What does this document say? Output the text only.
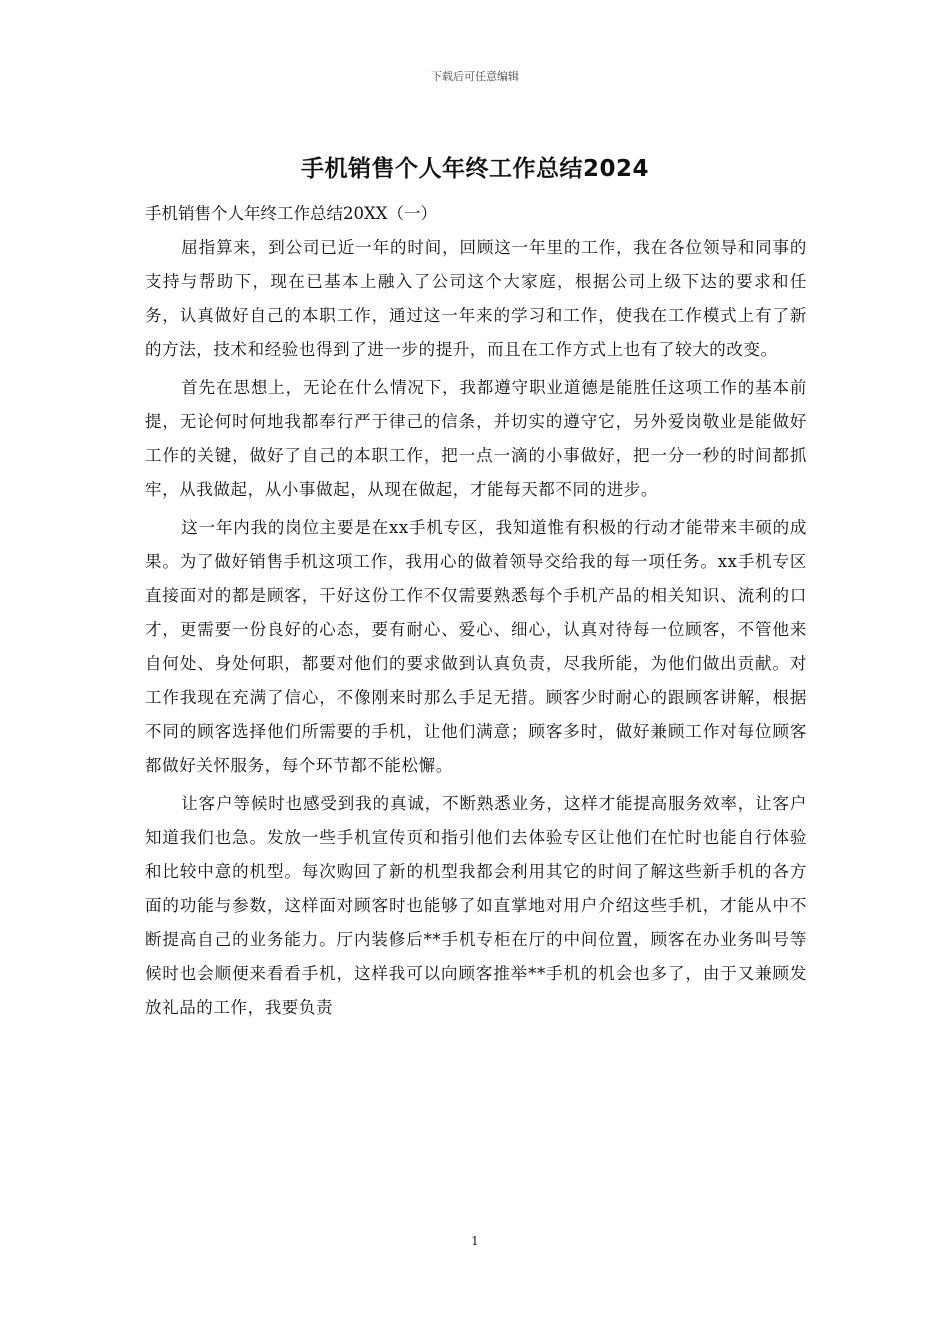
下载后可任意编辑
手机销售个人年终工作总结2024

手机销售个人年终工作总结20XX（一）

屈指算来，到公司已近一年的时间，回顾这一年里的工作，我在各位领导和同事的支持与帮助下，现在已基本上融入了公司这个大家庭，根据公司上级下达的要求和任务，认真做好自己的本职工作，通过这一年来的学习和工作，使我在工作模式上有了新的方法，技术和经验也得到了进一步的提升，而且在工作方式上也有了较大的改变。

首先在思想上，无论在什么情况下，我都遵守职业道德是能胜任这项工作的基本前提，无论何时何地我都奉行严于律己的信条，并切实的遵守它，另外爱岗敬业是能做好工作的关键，做好了自己的本职工作，把一点一滴的小事做好，把一分一秒的时间都抓牢，从我做起，从小事做起，从现在做起，才能每天都不同的进步。

这一年内我的岗位主要是在xx手机专区，我知道惟有积极的行动才能带来丰硕的成果。为了做好销售手机这项工作，我用心的做着领导交给我的每一项任务。xx手机专区直接面对的都是顾客，干好这份工作不仅需要熟悉每个手机产品的相关知识、流利的口才，更需要一份良好的心态，要有耐心、爱心、细心，认真对待每一位顾客，不管他来自何处、身处何职，都要对他们的要求做到认真负责，尽我所能，为他们做出贡献。对工作我现在充满了信心，不像刚来时那么手足无措。顾客少时耐心的跟顾客讲解，根据不同的顾客选择他们所需要的手机，让他们满意；顾客多时，做好兼顾工作对每位顾客都做好关怀服务，每个环节都不能松懈。

让客户等候时也感受到我的真诚，不断熟悉业务，这样才能提高服务效率，让客户知道我们也急。发放一些手机宣传页和指引他们去体验专区让他们在忙时也能自行体验和比较中意的机型。每次购回了新的机型我都会利用其它的时间了解这些新手机的各方面的功能与参数，这样面对顾客时也能够了如直掌地对用户介绍这些手机，才能从中不断提高自己的业务能力。厅内装修后**手机专柜在厅的中间位置，顾客在办业务叫号等候时也会顺便来看看手机，这样我可以向顾客推举**手机的机会也多了，由于又兼顾发放礼品的工作，我要负责

1
